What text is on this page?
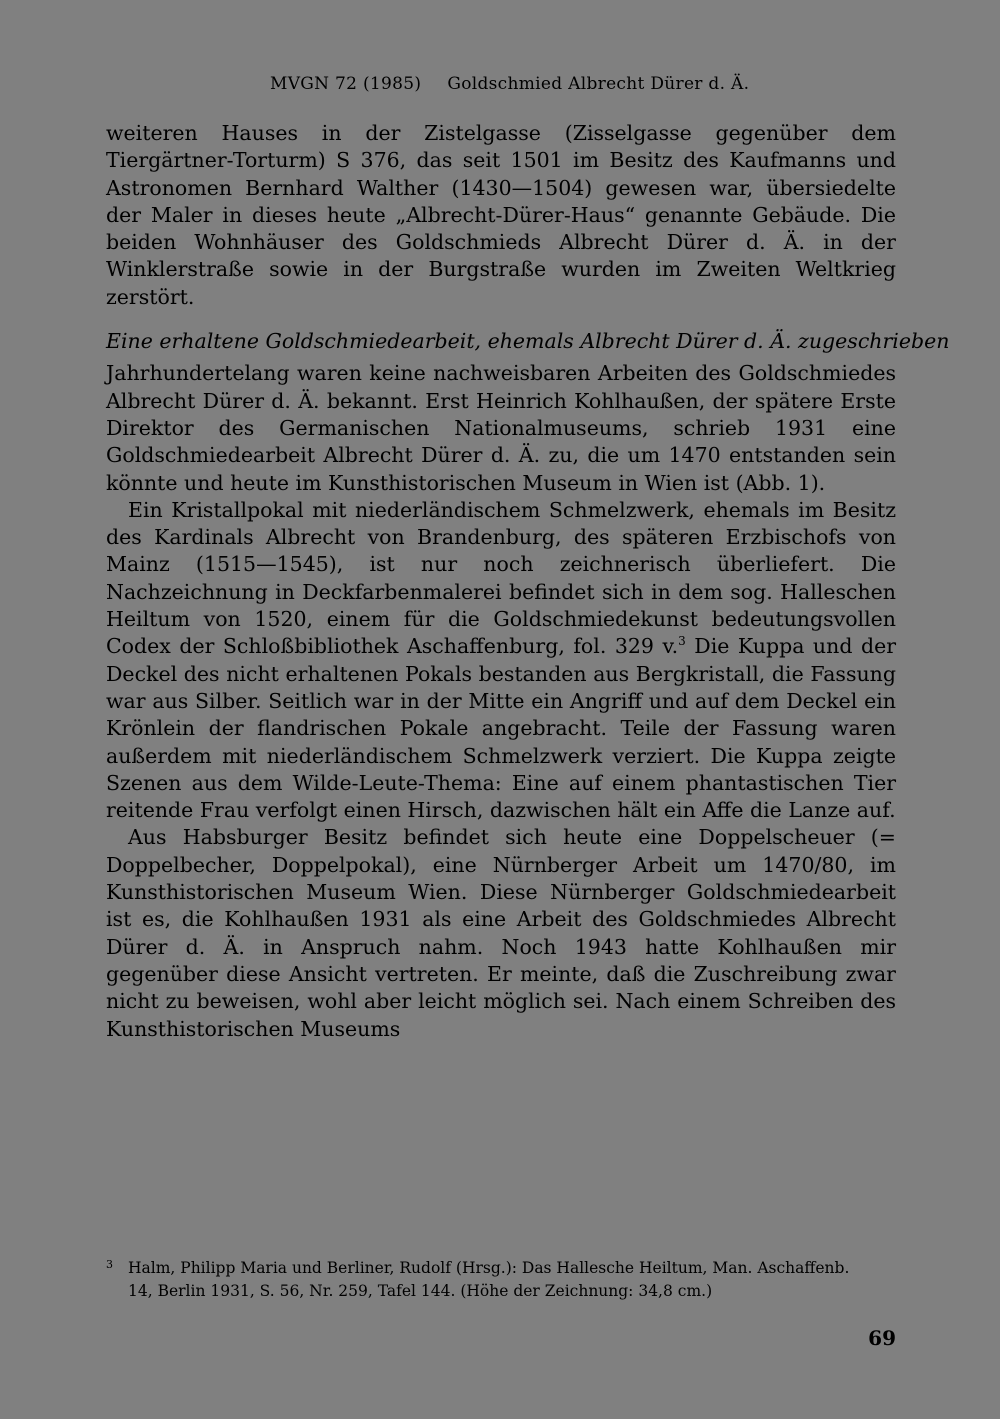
MVGN 72 (1985) Goldschmied Albrecht Dürer d. Ä.

weiteren Hauses in der Zistelgasse (Zisselgasse gegenüber dem Tiergärtner-Torturm) S 376, das seit 1501 im Besitz des Kaufmanns und Astronomen Bernhard Walther (1430—1504) gewesen war, übersiedelte der Maler in dieses heute „Albrecht-Dürer-Haus“ genannte Gebäude. Die beiden Wohnhäuser des Goldschmieds Albrecht Dürer d. Ä. in der Winklerstraße sowie in der Burgstraße wurden im Zweiten Weltkrieg zerstört.

Eine erhaltene Goldschmiedearbeit, ehemals Albrecht Dürer d. Ä. zugeschrieben

Jahrhundertelang waren keine nachweisbaren Arbeiten des Goldschmiedes Albrecht Dürer d. Ä. bekannt. Erst Heinrich Kohlhaußen, der spätere Erste Direktor des Germanischen Nationalmuseums, schrieb 1931 eine Goldschmiedearbeit Albrecht Dürer d. Ä. zu, die um 1470 entstanden sein könnte und heute im Kunsthistorischen Museum in Wien ist (Abb. 1).

Ein Kristallpokal mit niederländischem Schmelzwerk, ehemals im Besitz des Kardinals Albrecht von Brandenburg, des späteren Erzbischofs von Mainz (1515—1545), ist nur noch zeichnerisch überliefert. Die Nachzeichnung in Deckfarbenmalerei befindet sich in dem sog. Halleschen Heiltum von 1520, einem für die Goldschmiedekunst bedeutungsvollen Codex der Schloßbibliothek Aschaffenburg, fol. 329 v.$^3$ Die Kuppa und der Deckel des nicht erhaltenen Pokals bestanden aus Bergkristall, die Fassung war aus Silber. Seitlich war in der Mitte ein Angriff und auf dem Deckel ein Krönlein der flandrischen Pokale angebracht. Teile der Fassung waren außerdem mit niederländischem Schmelzwerk verziert. Die Kuppa zeigte Szenen aus dem Wilde-Leute-Thema: Eine auf einem phantastischen Tier reitende Frau verfolgt einen Hirsch, dazwischen hält ein Affe die Lanze auf.

Aus Habsburger Besitz befindet sich heute eine Doppelscheuer (= Doppelbecher, Doppelpokal), eine Nürnberger Arbeit um 1470/80, im Kunsthistorischen Museum Wien. Diese Nürnberger Goldschmiedearbeit ist es, die Kohlhaußen 1931 als eine Arbeit des Goldschmiedes Albrecht Dürer d. Ä. in Anspruch nahm. Noch 1943 hatte Kohlhaußen mir gegenüber diese Ansicht vertreten. Er meinte, daß die Zuschreibung zwar nicht zu beweisen, wohl aber leicht möglich sei. Nach einem Schreiben des Kunsthistorischen Museums

3 Halm, Philipp Maria und Berliner, Rudolf (Hrsg.): Das Hallesche Heiltum, Man. Aschaffenb.
14, Berlin 1931, S. 56, Nr. 259, Tafel 144. (Höhe der Zeichnung: 34,8 cm.)
69
